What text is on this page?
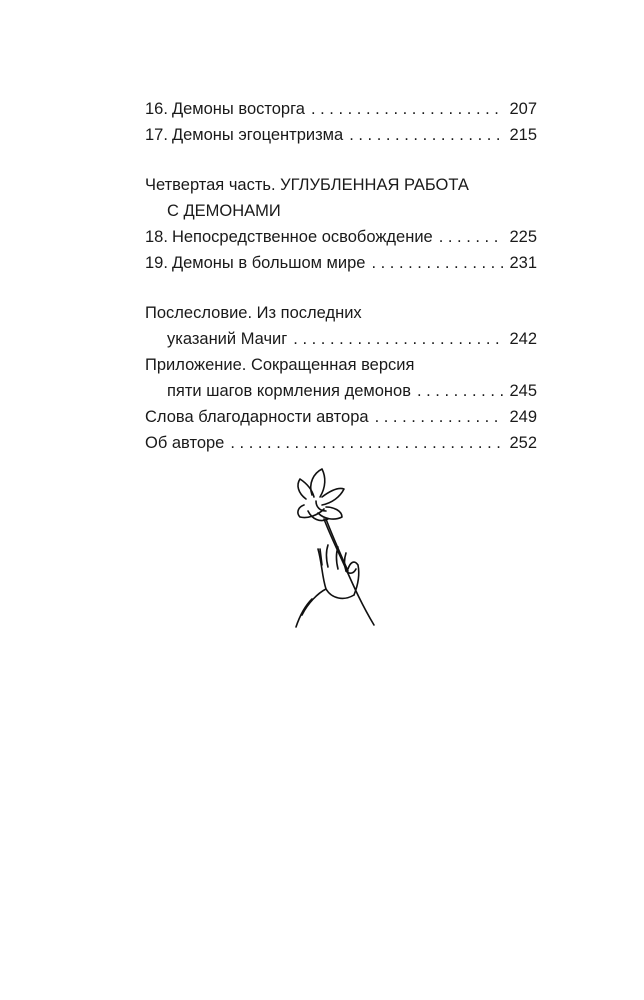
16. Демоны восторга . . .	207
17. Демоны эгоцентризма . . .	215
Четвертая часть. УГЛУБЛЕННАЯ РАБОТА
С ДЕМОНАМИ
18. Непосредственное освобождение . . .	225
19. Демоны в большом мире . . .	231
Послесловие. Из последних
указаний Мачиг . . .	242
Приложение. Сокращенная версия
пяти шагов кормления демонов . . .	245
Слова благодарности автора . . .	249
Об авторе . . .	252
